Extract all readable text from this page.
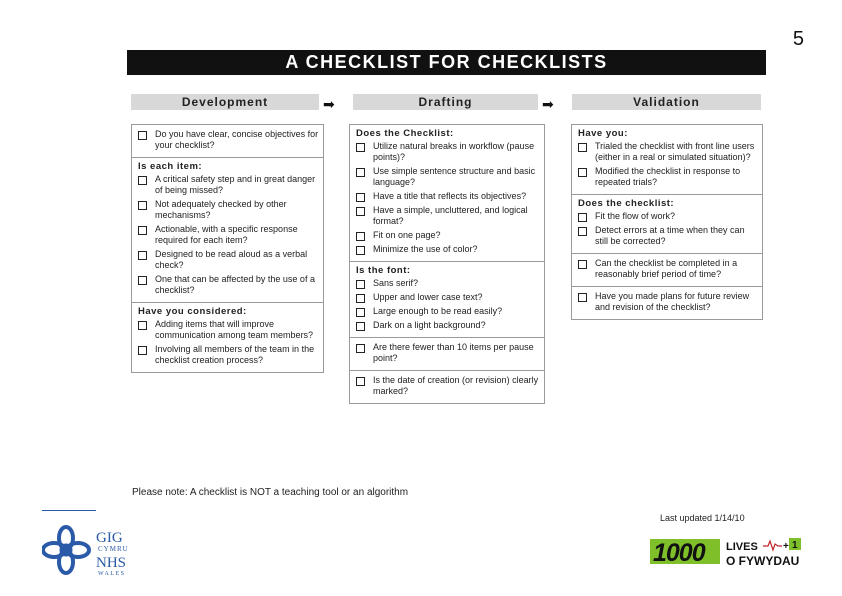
5
A CHECKLIST FOR CHECKLISTS
Development	➡	Drafting	➡	Validation
Do you have clear, concise objectives for your checklist?
Is each item:
A critical safety step and in great danger of being missed?
Not adequately checked by other mechanisms?
Actionable, with a specific response required for each item?
Designed to be read aloud as a verbal check?
One that can be affected by the use of a checklist?
Have you considered:
Adding items that will improve communication among team members?
Involving all members of the team in the checklist creation process?
Does the Checklist:
Utilize natural breaks in workflow (pause points)?
Use simple sentence structure and basic language?
Have a title that reflects its objectives?
Have a simple, uncluttered, and logical format?
Fit on one page?
Minimize the use of color?
Is the font:
Sans serif?
Upper and lower case text?
Large enough to be read easily?
Dark on a light background?
Are there fewer than 10 items per pause point?
Is the date of creation (or revision) clearly marked?
Have you:
Trialed the checklist with front line users (either in a real or simulated situation)?
Modified the checklist in response to repeated trials?
Does the checklist:
Fit the flow of work?
Detect errors at a time when they can still be corrected?
Can the checklist be completed in a reasonably brief period of time?
Have you made plans for future review and revision of the checklist?
Please note: A checklist is NOT a teaching tool or an algorithm
Last updated 1/14/10
GIG
CYMRU
NHS
WALES
1000 LIVES	+ 1
O FYWYDAU
